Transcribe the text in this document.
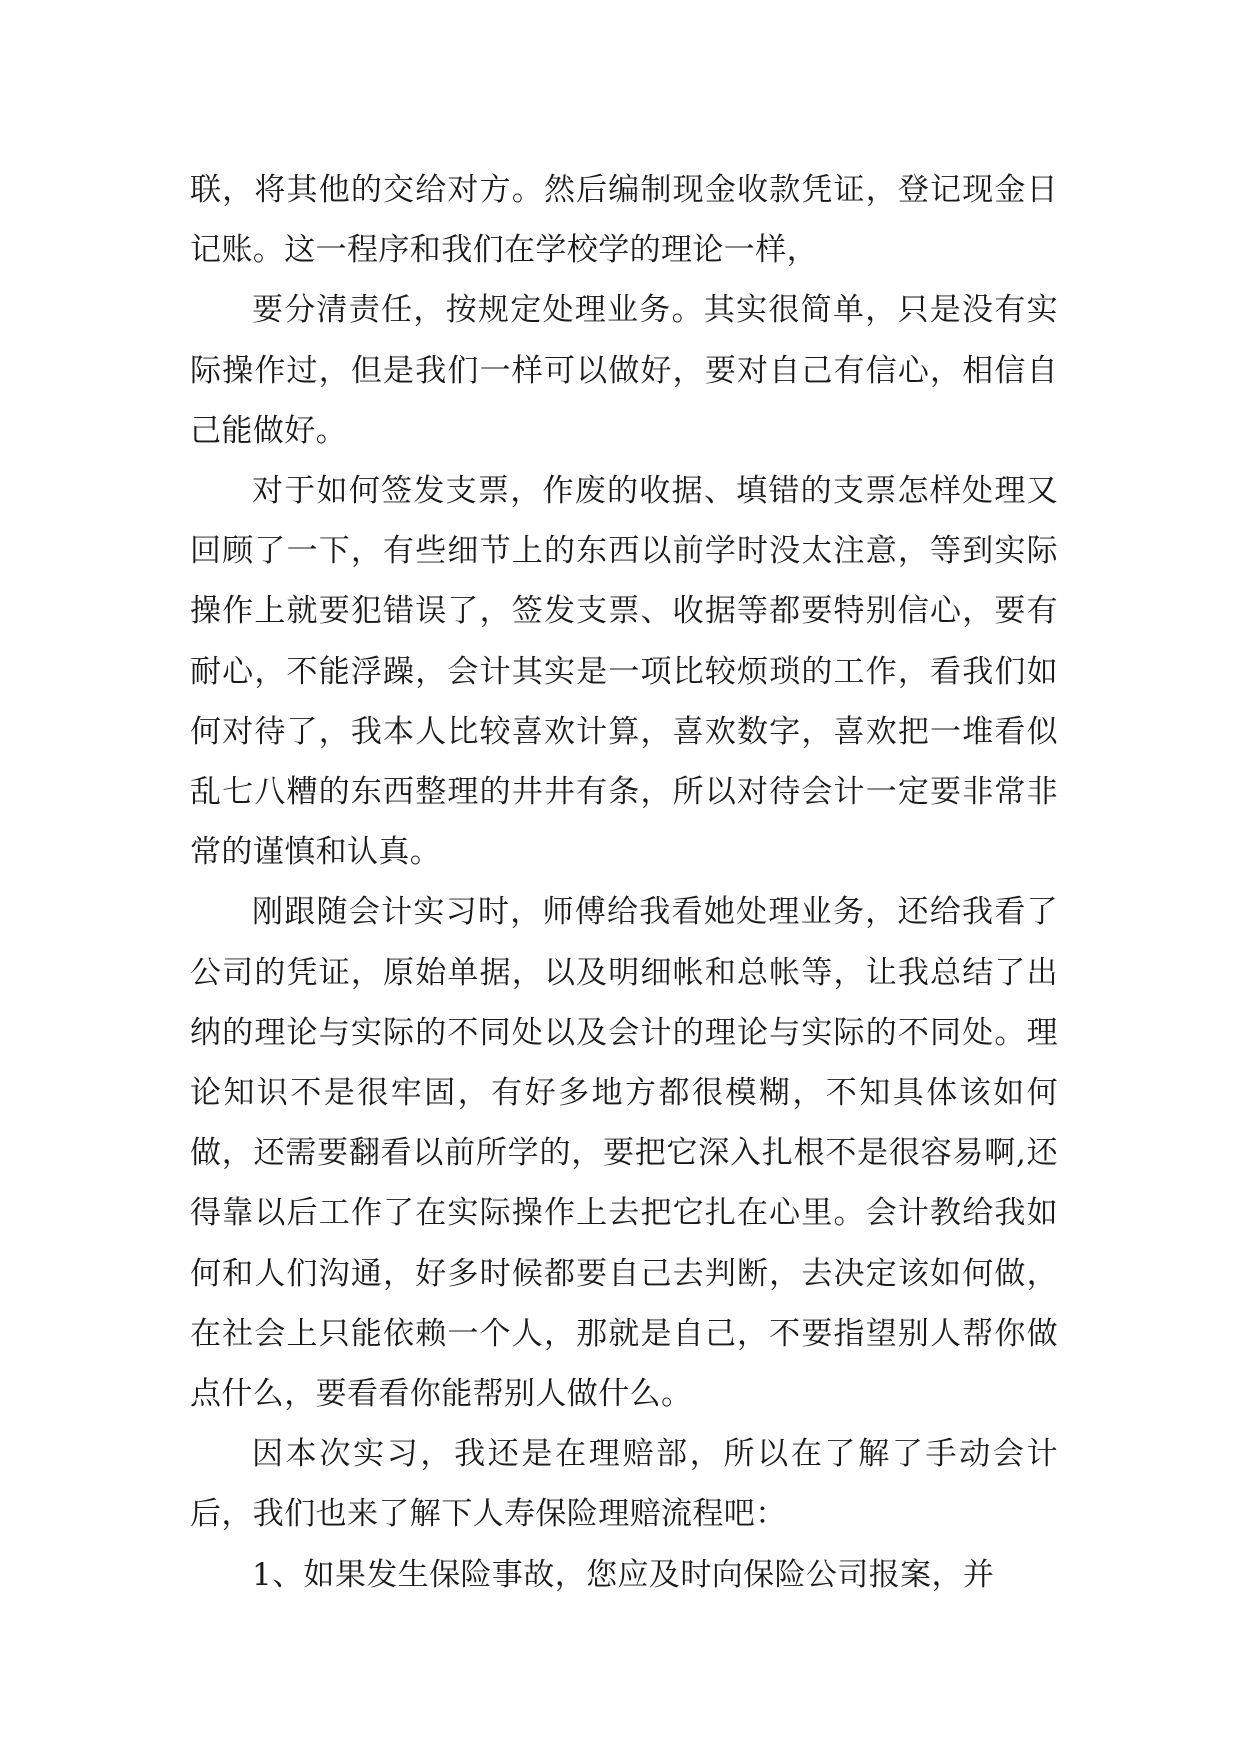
联，将其他的交给对方。然后编制现金收款凭证，登记现金日记账。这一程序和我们在学校学的理论一样，

要分清责任，按规定处理业务。其实很简单，只是没有实际操作过，但是我们一样可以做好，要对自己有信心，相信自己能做好。

对于如何签发支票，作废的收据、填错的支票怎样处理又回顾了一下，有些细节上的东西以前学时没太注意，等到实际操作上就要犯错误了，签发支票、收据等都要特别信心，要有耐心，不能浮躁，会计其实是一项比较烦琐的工作，看我们如何对待了，我本人比较喜欢计算，喜欢数字，喜欢把一堆看似乱七八糟的东西整理的井井有条，所以对待会计一定要非常非常的谨慎和认真。

刚跟随会计实习时，师傅给我看她处理业务，还给我看了公司的凭证，原始单据，以及明细帐和总帐等，让我总结了出纳的理论与实际的不同处以及会计的理论与实际的不同处。理论知识不是很牢固，有好多地方都很模糊，不知具体该如何做，还需要翻看以前所学的，要把它深入扎根不是很容易啊,还得靠以后工作了在实际操作上去把它扎在心里。会计教给我如何和人们沟通，好多时候都要自己去判断，去决定该如何做，在社会上只能依赖一个人，那就是自己，不要指望别人帮你做点什么，要看看你能帮别人做什么。

因本次实习，我还是在理赔部，所以在了解了手动会计后，我们也来了解下人寿保险理赔流程吧：

1、如果发生保险事故，您应及时向保险公司报案，并
